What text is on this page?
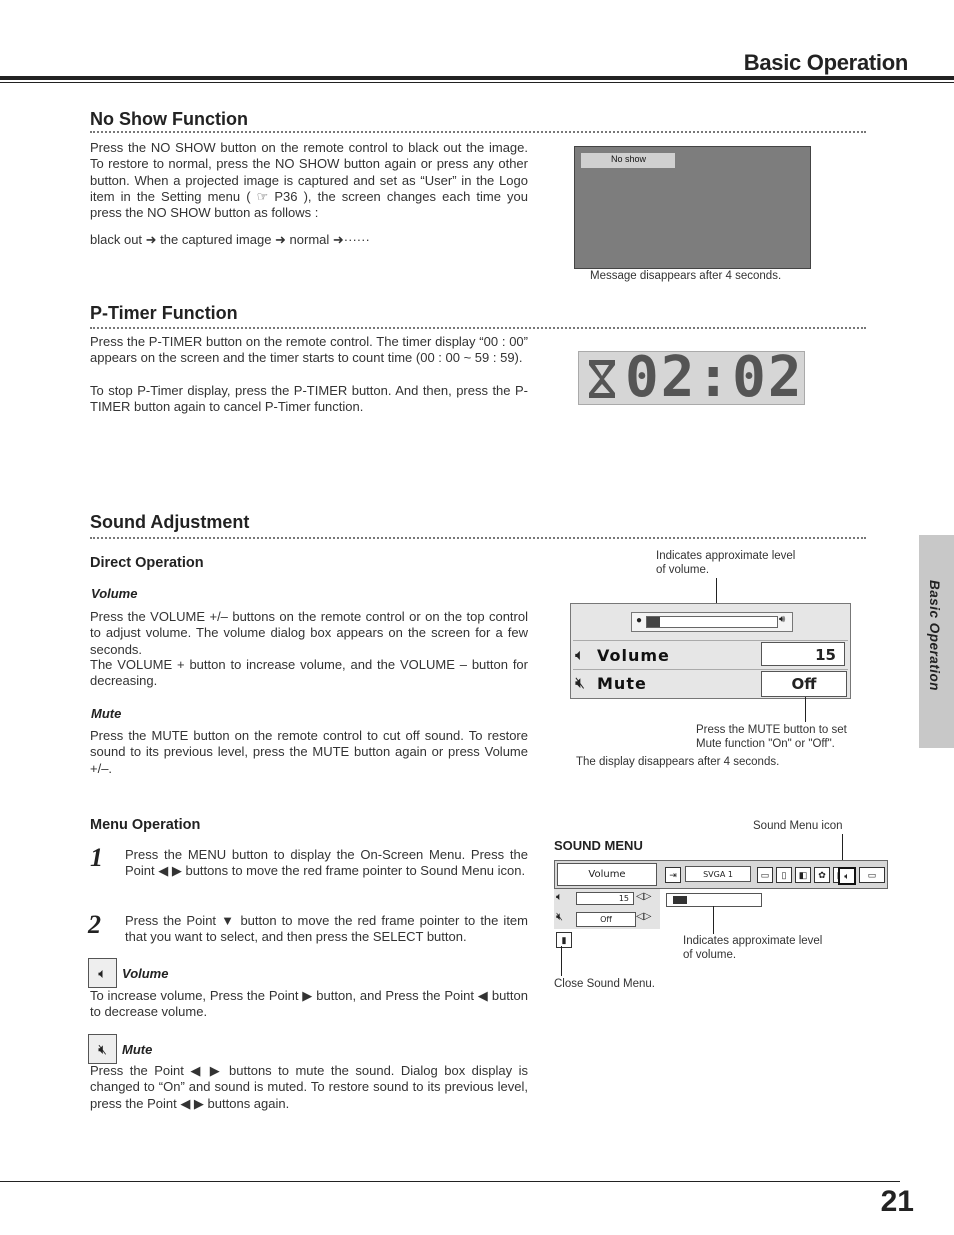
Basic Operation
Basic Operation
No Show Function
Press the NO SHOW button on the remote control to black out the image. To restore to normal, press the NO SHOW button again or press any other button. When a projected image is captured and set as “User” in the Logo item in the Setting menu ( ☞ P36 ), the screen changes each time you press the NO SHOW button as follows :
black out ➜ the captured image ➜ normal ➜······
No show
Message disappears after 4 seconds.
P-Timer Function
Press the P-TIMER button on the remote control. The timer display “00 : 00” appears on the screen and the timer starts to count time (00 : 00 ~ 59 : 59).
To stop P-Timer display, press the P-TIMER button. And then, press the P-TIMER button again to cancel P-Timer function.	02:02
Sound Adjustment
Direct Operation
Volume
Press the VOLUME +/– buttons on the remote control or on the top control to adjust volume. The volume dialog box appears on the screen for a few seconds.
The VOLUME + button to increase volume, and the VOLUME – button for decreasing.
Mute
Press the MUTE button on the remote control to cut off sound. To restore sound to its previous level, press the MUTE button again or press Volume +/–.
Indicates approximate level of volume.
●	🔊︎
🔈︎ Volume	15
🔇︎ Mute	Off
Press the MUTE button to set Mute function "On" or "Off".
The display disappears after 4 seconds.
Menu Operation
1 Press the MENU button to display the On-Screen Menu. Press the Point ◀ ▶ buttons to move the red frame pointer to Sound Menu icon.
2 Press the Point ▼ button to move the red frame pointer to the item that you want to select, and then press the SELECT button.
🔈︎	Volume
To increase volume, Press the Point ▶ button, and Press the Point ◀ button to decrease volume.
🔇︎	Mute
Press the Point ◀ ▶ buttons to mute the sound. Dialog box display is changed to “On” and sound is muted. To restore sound to its previous level, press the Point ◀ ▶ buttons again.
Sound Menu icon
SOUND MENU
Volume	⇥	SVGA 1	▭	▯	◧	✿	🔈︎	▭
🔈︎	15 ◁▷
🔇︎	Off	◁▷
▮	Indicates approximate level of volume.
Close Sound Menu.
21
